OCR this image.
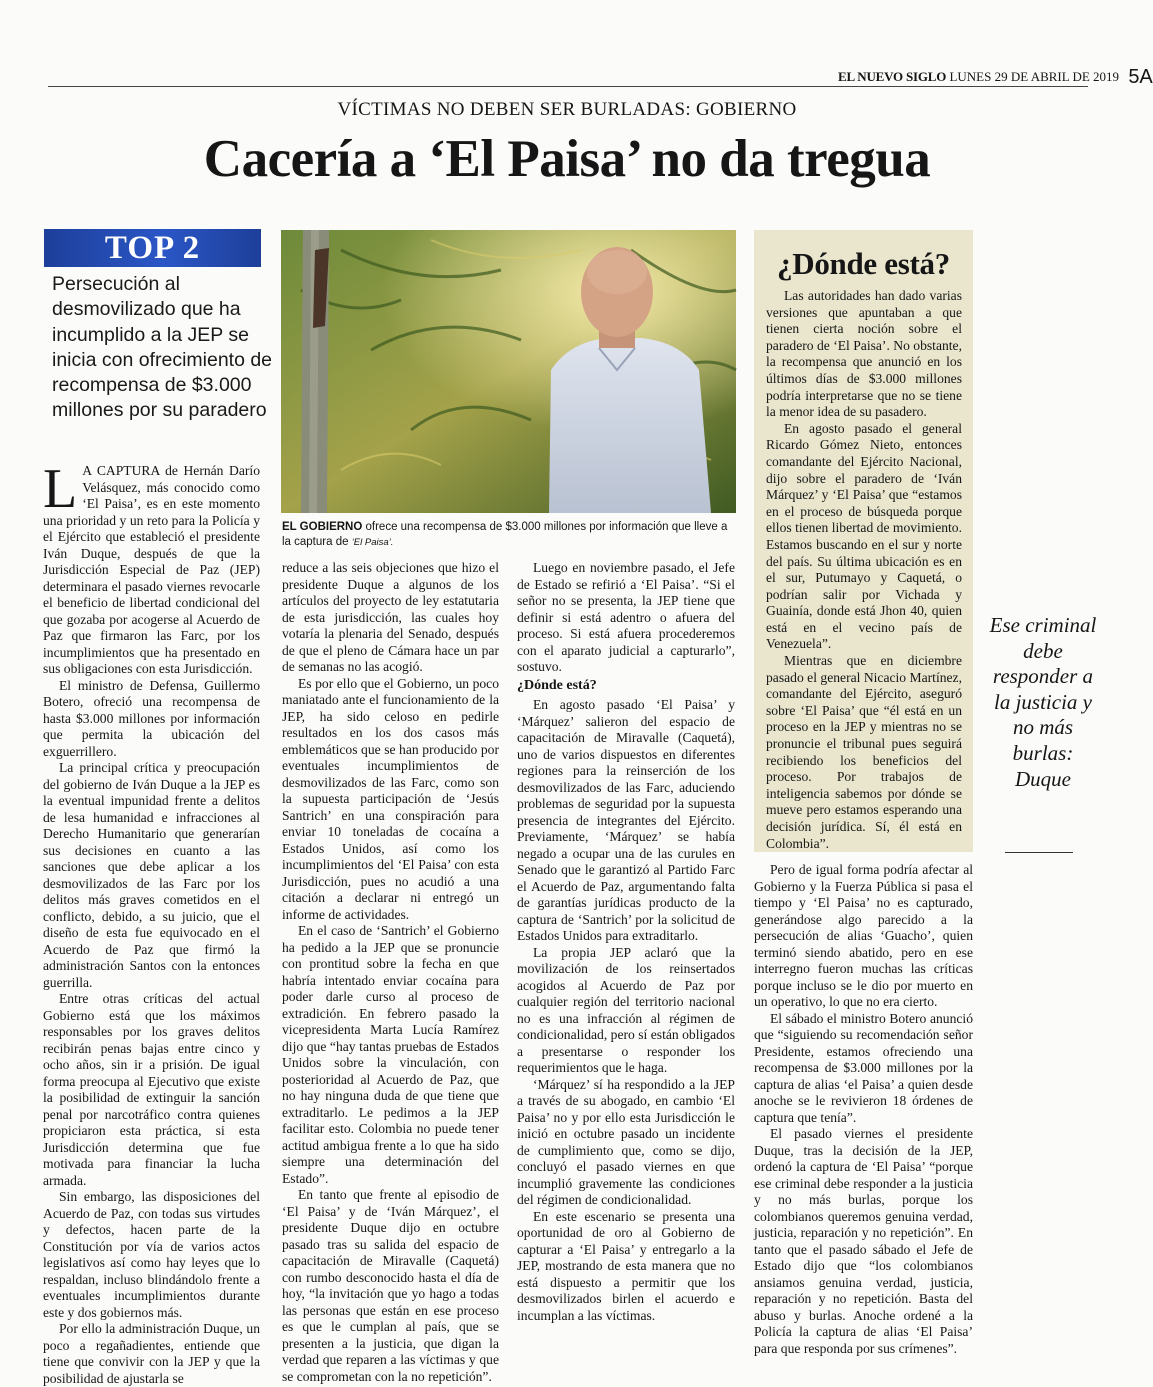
EL NUEVO SIGLO LUNES 29 DE ABRIL DE 2019 5A
VÍCTIMAS NO DEBEN SER BURLADAS: GOBIERNO
Cacería a ‘El Paisa’ no da tregua
TOP 2
Persecución al desmovilizado que ha incumplido a la JEP se inicia con ofrecimiento de recompensa de $3.000 millones por su paradero

L A CAPTURA de Hernán Darío Velásquez, más conocido como ‘El Paisa’, es en este momento una prioridad y un reto para la Policía y el Ejército que estableció el presidente Iván Duque, después de que la Jurisdicción Especial de Paz (JEP) determinara el pasado viernes revocarle el beneficio de libertad condicional del que gozaba por acogerse al Acuerdo de Paz que firmaron las Farc, por los incumplimientos que ha presentado en sus obligaciones con esta Jurisdicción.

El ministro de Defensa, Guillermo Botero, ofreció una recompensa de hasta $3.000 millones por información que permita la ubicación del exguerrillero.

La principal crítica y preocupación del gobierno de Iván Duque a la JEP es la eventual impunidad frente a delitos de lesa humanidad e infracciones al Derecho Humanitario que generarían sus decisiones en cuanto a las sanciones que debe aplicar a los desmovilizados de las Farc por los delitos más graves cometidos en el conflicto, debido, a su juicio, que el diseño de esta fue equivocado en el Acuerdo de Paz que firmó la administración Santos con la entonces guerrilla.

Entre otras críticas del actual Gobierno está que los máximos responsables por los graves delitos recibirán penas bajas entre cinco y ocho años, sin ir a prisión. De igual forma preocupa al Ejecutivo que existe la posibilidad de extinguir la sanción penal por narcotráfico contra quienes propiciaron esta práctica, si esta Jurisdicción determina que fue motivada para financiar la lucha armada.

Sin embargo, las disposiciones del Acuerdo de Paz, con todas sus virtudes y defectos, hacen parte de la Constitución por vía de varios actos legislativos así como hay leyes que lo respaldan, incluso blindándolo frente a eventuales incumplimientos durante este y dos gobiernos más.

Por ello la administración Duque, un poco a regañadientes, entiende que tiene que convivir con la JEP y que la posibilidad de ajustarla se

EL GOBIERNO ofrece una recompensa de $3.000 millones por información que lleve a la captura de ‘El Paisa’.

reduce a las seis objeciones que hizo el presidente Duque a algunos de los artículos del proyecto de ley estatutaria de esta jurisdicción, las cuales hoy votaría la plenaria del Senado, después de que el pleno de Cámara hace un par de semanas no las acogió.

Es por ello que el Gobierno, un poco maniatado ante el funcionamiento de la JEP, ha sido celoso en pedirle resultados en los dos casos más emblemáticos que se han producido por eventuales incumplimientos de desmovilizados de las Farc, como son la supuesta participación de ‘Jesús Santrich’ en una conspiración para enviar 10 toneladas de cocaína a Estados Unidos, así como los incumplimientos del ‘El Paisa’ con esta Jurisdicción, pues no acudió a una citación a declarar ni entregó un informe de actividades.

En el caso de ‘Santrich’ el Gobierno ha pedido a la JEP que se pronuncie con prontitud sobre la fecha en que habría intentado enviar cocaína para poder darle curso al proceso de extradición. En febrero pasado la vicepresidenta Marta Lucía Ramírez dijo que “hay tantas pruebas de Estados Unidos sobre la vinculación, con posterioridad al Acuerdo de Paz, que no hay ninguna duda de que tiene que extraditarlo. Le pedimos a la JEP facilitar esto. Colombia no puede tener actitud ambigua frente a lo que ha sido siempre una determinación del Estado”.

En tanto que frente al episodio de ‘El Paisa’ y de ‘Iván Márquez’, el presidente Duque dijo en octubre pasado tras su salida del espacio de capacitación de Miravalle (Caquetá) con rumbo desconocido hasta el día de hoy, “la invitación que yo hago a todas las personas que están en ese proceso es que le cumplan al país, que se presenten a la justicia, que digan la verdad que reparen a las víctimas y que se comprometan con la no repetición”.

Luego en noviembre pasado, el Jefe de Estado se refirió a ‘El Paisa’. “Si el señor no se presenta, la JEP tiene que definir si está adentro o afuera del proceso. Si está afuera procederemos con el aparato judicial a capturarlo”, sostuvo.

¿Dónde está?

En agosto pasado ‘El Paisa’ y ‘Márquez’ salieron del espacio de capacitación de Miravalle (Caquetá), uno de varios dispuestos en diferentes regiones para la reinserción de los desmovilizados de las Farc, aduciendo problemas de seguridad por la supuesta presencia de integrantes del Ejército. Previamente, ‘Márquez’ se había negado a ocupar una de las curules en Senado que le garantizó al Partido Farc el Acuerdo de Paz, argumentando falta de garantías jurídicas producto de la captura de ‘Santrich’ por la solicitud de Estados Unidos para extraditarlo.

La propia JEP aclaró que la movilización de los reinsertados acogidos al Acuerdo de Paz por cualquier región del territorio nacional no es una infracción al régimen de condicionalidad, pero sí están obligados a presentarse o responder los requerimientos que le haga.

‘Márquez’ sí ha respondido a la JEP a través de su abogado, en cambio ‘El Paisa’ no y por ello esta Jurisdicción le inició en octubre pasado un incidente de cumplimiento que, como se dijo, concluyó el pasado viernes en que incumplió gravemente las condiciones del régimen de condicionalidad.

En este escenario se presenta una oportunidad de oro al Gobierno de capturar a ‘El Paisa’ y entregarlo a la JEP, mostrando de esta manera que no está dispuesto a permitir que los desmovilizados birlen el acuerdo e incumplan a las víctimas.

¿Dónde está?

Las autoridades han dado varias versiones que apuntaban a que tienen cierta noción sobre el paradero de ‘El Paisa’. No obstante, la recompensa que anunció en los últimos días de $3.000 millones podría interpretarse que no se tiene la menor idea de su pasadero.

En agosto pasado el general Ricardo Gómez Nieto, entonces comandante del Ejército Nacional, dijo sobre el paradero de ‘Iván Márquez’ y ‘El Paisa’ que “estamos en el proceso de búsqueda porque ellos tienen libertad de movimiento. Estamos buscando en el sur y norte del país. Su última ubicación es en el sur, Putumayo y Caquetá, o podrían salir por Vichada y Guainía, donde está Jhon 40, quien está en el vecino país de Venezuela”.

Mientras que en diciembre pasado el general Nicacio Martínez, comandante del Ejército, aseguró sobre ‘El Paisa’ que “él está en un proceso en la JEP y mientras no se pronuncie el tribunal pues seguirá recibiendo los beneficios del proceso. Por trabajos de inteligencia sabemos por dónde se mueve pero estamos esperando una decisión jurídica. Sí, él está en Colombia”.

Pero de igual forma podría afectar al Gobierno y la Fuerza Pública si pasa el tiempo y ‘El Paisa’ no es capturado, generándose algo parecido a la persecución de alias ‘Guacho’, quien terminó siendo abatido, pero en ese interregno fueron muchas las críticas porque incluso se le dio por muerto en un operativo, lo que no era cierto.

El sábado el ministro Botero anunció que “siguiendo su recomendación señor Presidente, estamos ofreciendo una recompensa de $3.000 millones por la captura de alias ‘el Paisa’ a quien desde anoche se le revivieron 18 órdenes de captura que tenía”.

El pasado viernes el presidente Duque, tras la decisión de la JEP, ordenó la captura de ‘El Paisa’ “porque ese criminal debe responder a la justicia y no más burlas, porque los colombianos queremos genuina verdad, justicia, reparación y no repetición”. En tanto que el pasado sábado el Jefe de Estado dijo que “los colombianos ansiamos genuina verdad, justicia, reparación y no repetición. Basta del abuso y burlas. Anoche ordené a la Policía la captura de alias ‘El Paisa’ para que responda por sus crímenes”.

Ese criminal debe responder a la justicia y no más burlas: Duque
